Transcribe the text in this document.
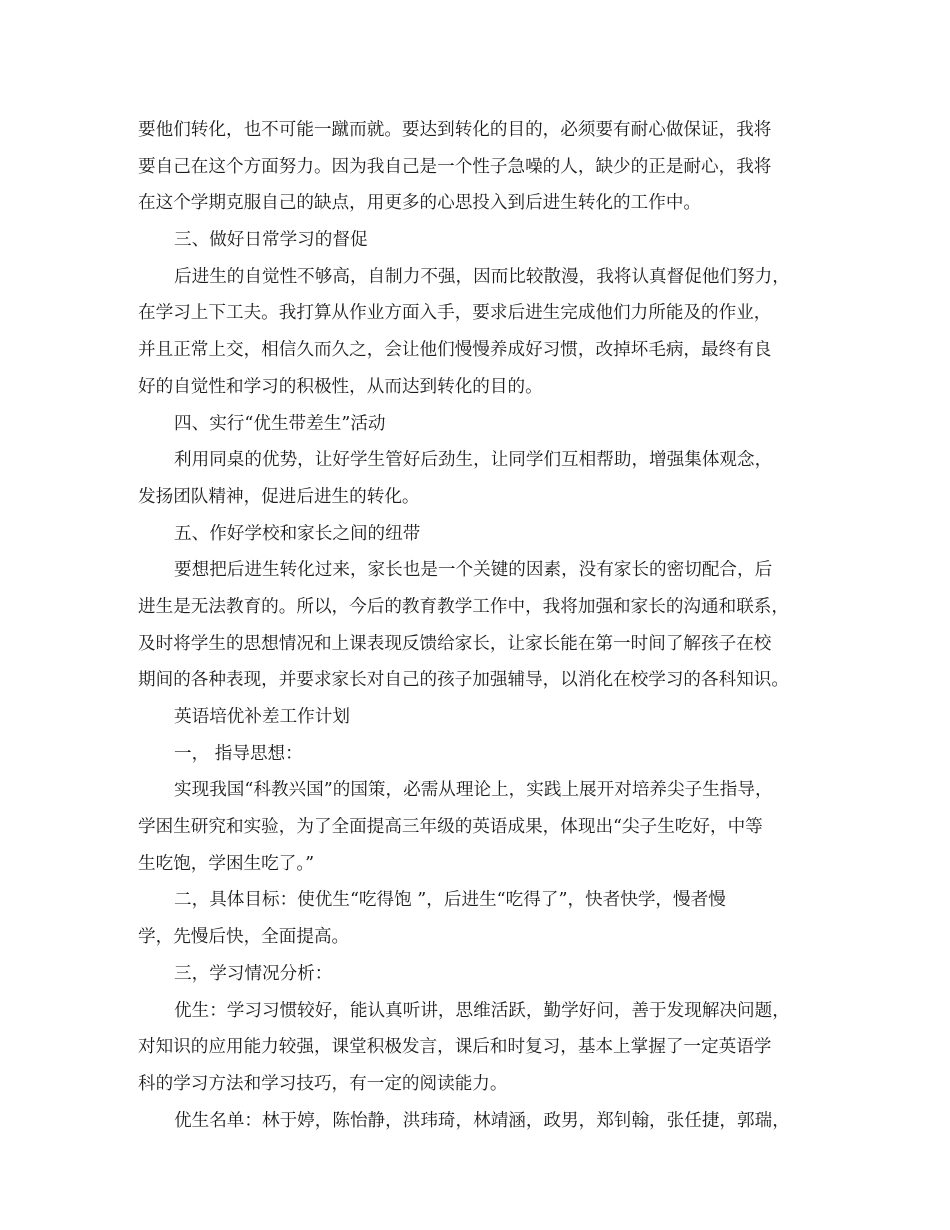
要他们转化，也不可能一蹴而就。要达到转化的目的，必须要有耐心做保证，我将
要自己在这个方面努力。因为我自己是一个性子急噪的人，缺少的正是耐心，我将
在这个学期克服自己的缺点，用更多的心思投入到后进生转化的工作中。
三、做好日常学习的督促
后进生的自觉性不够高，自制力不强，因而比较散漫，我将认真督促他们努力，
在学习上下工夫。我打算从作业方面入手，要求后进生完成他们力所能及的作业，
并且正常上交，相信久而久之，会让他们慢慢养成好习惯，改掉坏毛病，最终有良
好的自觉性和学习的积极性，从而达到转化的目的。
四、实行“优生带差生”活动
利用同桌的优势，让好学生管好后劲生，让同学们互相帮助，增强集体观念，
发扬团队精神，促进后进生的转化。
五、作好学校和家长之间的纽带
要想把后进生转化过来，家长也是一个关键的因素，没有家长的密切配合，后
进生是无法教育的。所以，今后的教育教学工作中，我将加强和家长的沟通和联系，
及时将学生的思想情况和上课表现反馈给家长，让家长能在第一时间了解孩子在校
期间的各种表现，并要求家长对自己的孩子加强辅导，以消化在校学习的各科知识。
英语培优补差工作计划
一， 指导思想：
实现我国“科教兴国”的国策，必需从理论上，实践上展开对培养尖子生指导，
学困生研究和实验，为了全面提高三年级的英语成果，体现出“尖子生吃好，中等
生吃饱，学困生吃了。”
二，具体目标：使优生“吃得饱 ”，后进生“吃得了”，快者快学，慢者慢
学，先慢后快，全面提高。
三，学习情况分析：
优生：学习习惯较好，能认真听讲，思维活跃，勤学好问，善于发现解决问题，
对知识的应用能力较强，课堂积极发言，课后和时复习，基本上掌握了一定英语学
科的学习方法和学习技巧，有一定的阅读能力。
优生名单：林于婷，陈怡静，洪玮琦，林靖涵，政男，郑钊翰，张任捷，郭瑞，
